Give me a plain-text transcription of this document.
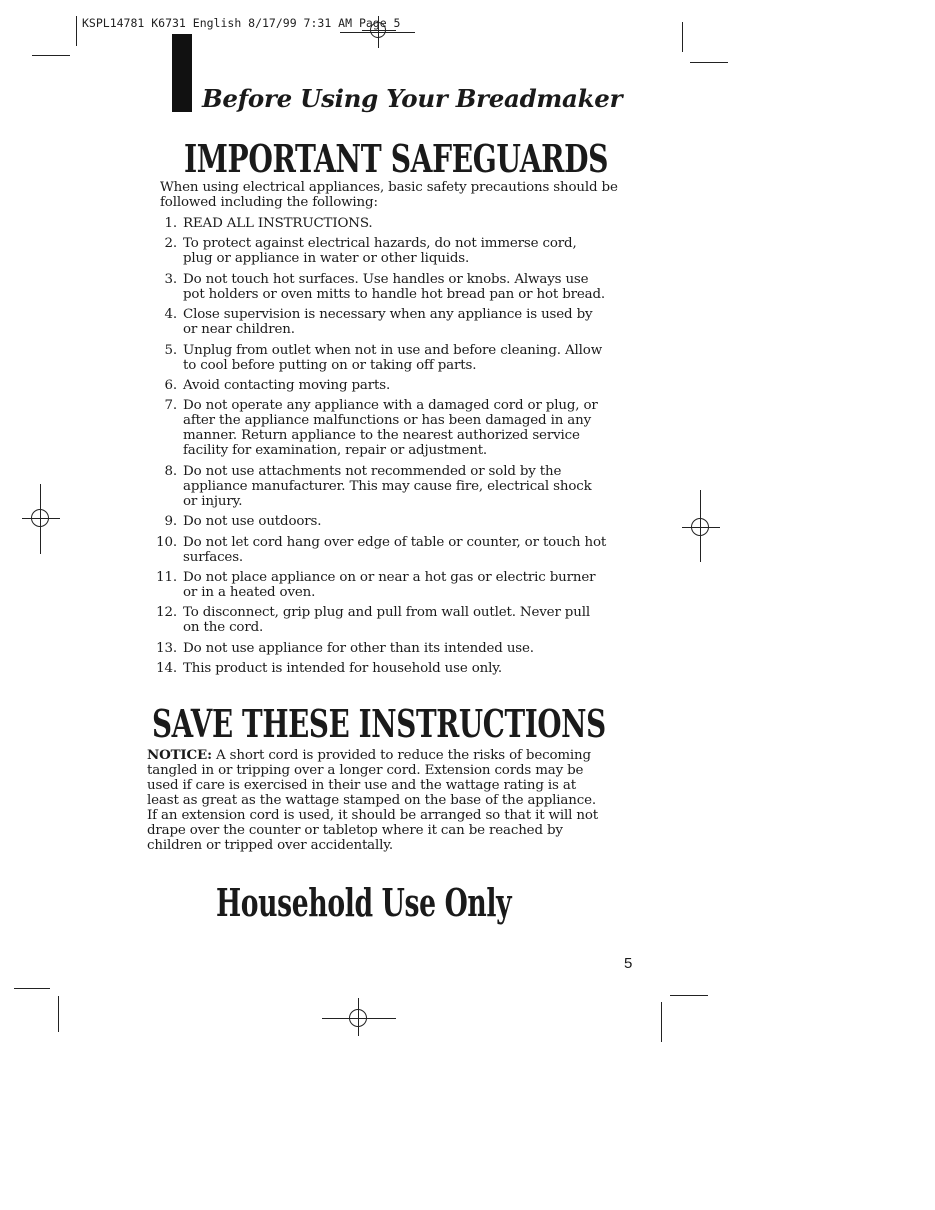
KSPL14781 K6731 English 8/17/99 7:31 AM Page 5
Before Using Your Breadmaker
IMPORTANT SAFEGUARDS
When using electrical appliances, basic safety precautions should be followed including the following:
1. READ ALL INSTRUCTIONS.
2. To protect against electrical hazards, do not immerse cord, plug or appliance in water or other liquids.
3. Do not touch hot surfaces. Use handles or knobs. Always use pot holders or oven mitts to handle hot bread pan or hot bread.
4. Close supervision is necessary when any appliance is used by or near children.
5. Unplug from outlet when not in use and before cleaning. Allow to cool before putting on or taking off parts.
6. Avoid contacting moving parts.
7. Do not operate any appliance with a damaged cord or plug, or after the appliance malfunctions or has been damaged in any manner. Return appliance to the nearest authorized service facility for examination, repair or adjustment.
8. Do not use attachments not recommended or sold by the appliance manufacturer. This may cause fire, electrical shock or injury.
9. Do not use outdoors.
10. Do not let cord hang over edge of table or counter, or touch hot surfaces.
11. Do not place appliance on or near a hot gas or electric burner or in a heated oven.
12. To disconnect, grip plug and pull from wall outlet. Never pull on the cord.
13. Do not use appliance for other than its intended use.
14. This product is intended for household use only.
SAVE THESE INSTRUCTIONS
NOTICE: A short cord is provided to reduce the risks of becoming tangled in or tripping over a longer cord. Extension cords may be used if care is exercised in their use and the wattage rating is at least as great as the wattage stamped on the base of the appliance. If an extension cord is used, it should be arranged so that it will not drape over the counter or tabletop where it can be reached by children or tripped over accidentally.
Household Use Only
5
